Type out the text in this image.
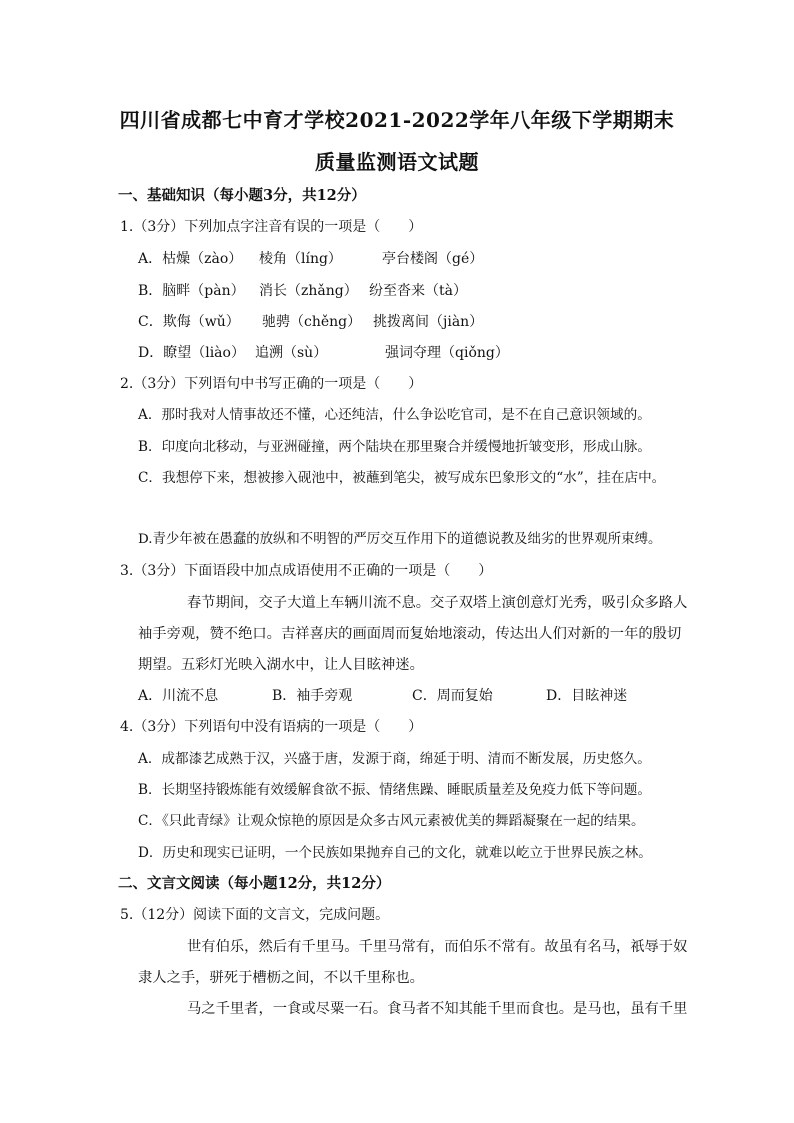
四川省成都七中育才学校2021-2022学年八年级下学期期末
质量监测语文试题
一、基础知识（每小题3分，共12分）
1.（3分）下列加点字注音有误的一项是（　　）
A．枯燥（zào）	棱角（líng）	亭台楼阁（gé）
B．脑畔（pàn）	消长（zhǎng） 纷至沓来（tà）
C．欺侮（wǔ）	驰骋（chěng） 挑拨离间（jiàn）
D．瞭望（liào） 追溯（sù）	强词夺理（qiǒng）
2.（3分）下列语句中书写正确的一项是（　　）
A．那时我对人情事故还不懂，心还纯洁，什么争讼吃官司，是不在自己意识领域的。
B．印度向北移动，与亚洲碰撞，两个陆块在那里聚合并缓慢地折皱变形，形成山脉。
C．我想停下来，想被掺入砚池中，被蘸到笔尖，被写成东巴象形文的“水”，挂在店中。
D.青少年被在愚蠢的放纵和不明智的严厉交互作用下的道德说教及绌劣的世界观所束缚。
3.（3分）下面语段中加点成语使用不正确的一项是（　　）
春节期间，交子大道上车辆川流不息。交子双塔上演创意灯光秀，吸引众多路人
袖手旁观，赞不绝口。吉祥喜庆的画面周而复始地滚动，传达出人们对新的一年的殷切
期望。五彩灯光映入湖水中，让人目眩神迷。
A．川流不息	B．袖手旁观	C．周而复始	D．目眩神迷
4.（3分）下列语句中没有语病的一项是（　　）
A．成都漆艺成熟于汉，兴盛于唐，发源于商，绵延于明、清而不断发展，历史悠久。
B．长期坚持锻炼能有效缓解食欲不振、情绪焦躁、睡眠质量差及免疫力低下等问题。
C．《只此青绿》让观众惊艳的原因是众多古风元素被优美的舞蹈凝聚在一起的结果。
D．历史和现实已证明，一个民族如果抛弃自己的文化，就难以屹立于世界民族之林。
二、文言文阅读（每小题12分，共12分）
5.（12分）阅读下面的文言文，完成问题。
世有伯乐，然后有千里马。千里马常有，而伯乐不常有。故虽有名马，祇辱于奴
隶人之手，骈死于槽枥之间，不以千里称也。
马之千里者，一食或尽粟一石。食马者不知其能千里而食也。是马也，虽有千里
